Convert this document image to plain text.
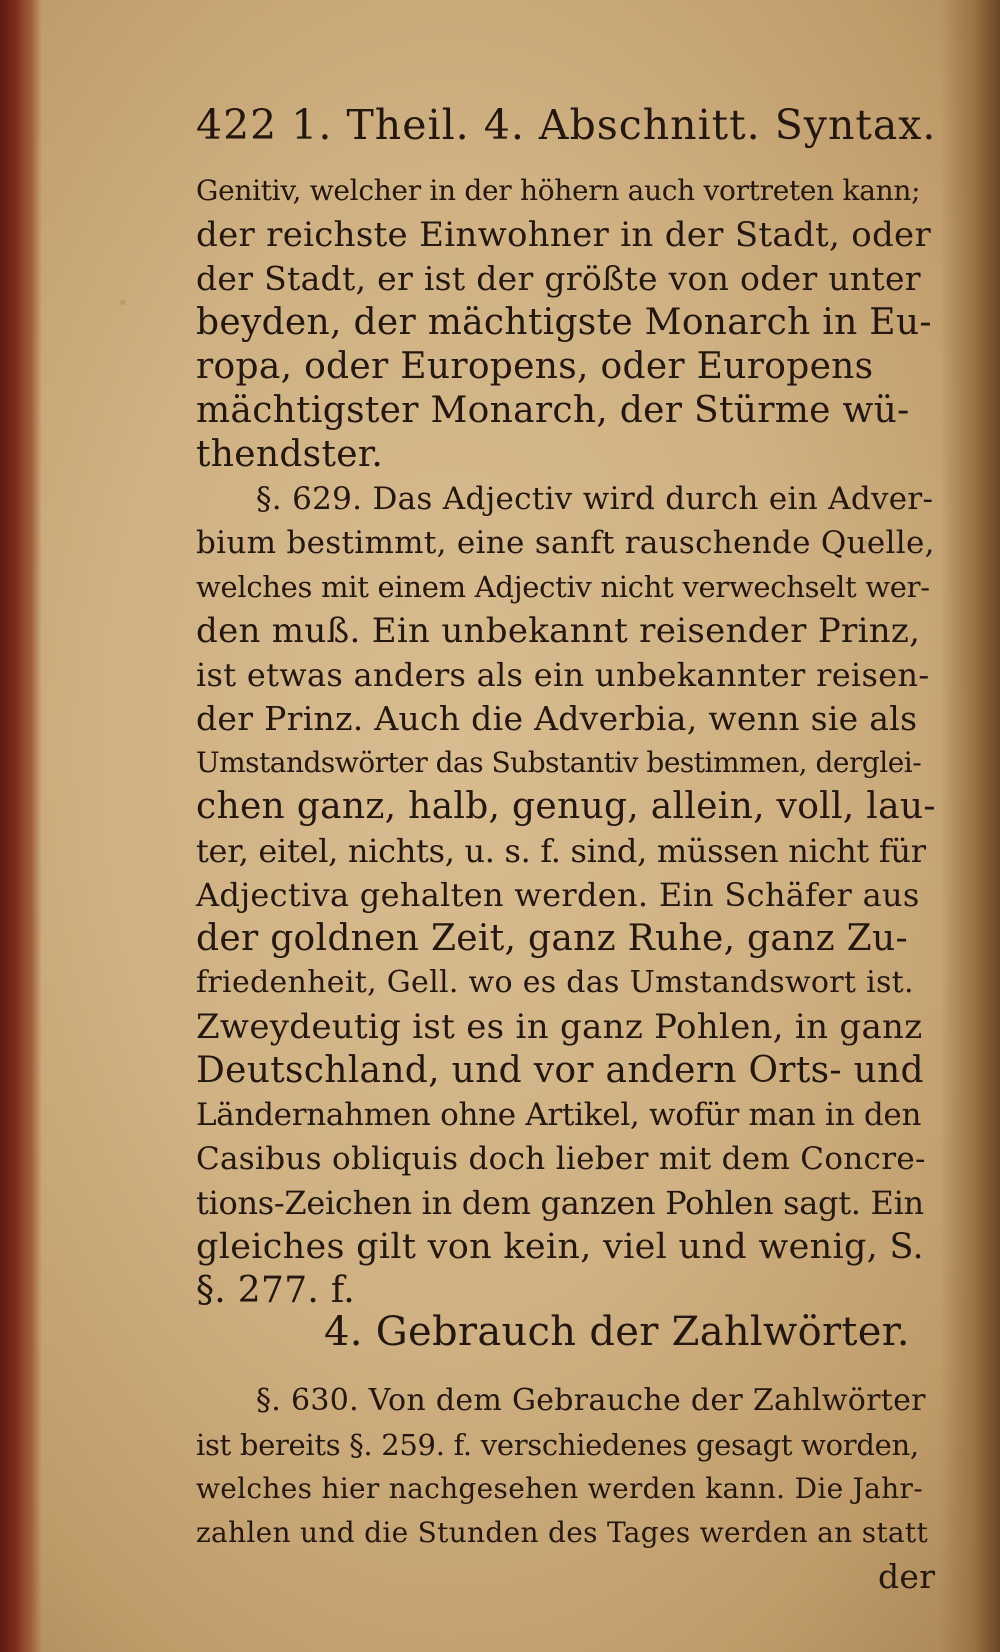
422 1. Theil. 4. Abschnitt. Syntax.
Genitiv, welcher in der höhern auch vortreten kann;
der reichste Einwohner in der Stadt, oder
der Stadt, er ist der größte von oder unter
beyden, der mächtigste Monarch in Eu-
ropa, oder Europens, oder Europens
mächtigster Monarch, der Stürme wü-
thendster.
§. 629. Das Adjectiv wird durch ein Adver-
bium bestimmt, eine sanft rauschende Quelle,
welches mit einem Adjectiv nicht verwechselt wer-
den muß. Ein unbekannt reisender Prinz,
ist etwas anders als ein unbekannter reisen-
der Prinz. Auch die Adverbia, wenn sie als
Umstandswörter das Substantiv bestimmen, derglei-
chen ganz, halb, genug, allein, voll, lau-
ter, eitel, nichts, u. s. f. sind, müssen nicht für
Adjectiva gehalten werden. Ein Schäfer aus
der goldnen Zeit, ganz Ruhe, ganz Zu-
friedenheit, Gell. wo es das Umstandswort ist.
Zweydeutig ist es in ganz Pohlen, in ganz
Deutschland, und vor andern Orts- und
Ländernahmen ohne Artikel, wofür man in den
Casibus obliquis doch lieber mit dem Concre-
tions-Zeichen in dem ganzen Pohlen sagt. Ein
gleiches gilt von kein, viel und wenig, S.
§. 277. f.
4. Gebrauch der Zahlwörter.
§. 630. Von dem Gebrauche der Zahlwörter
ist bereits §. 259. f. verschiedenes gesagt worden,
welches hier nachgesehen werden kann. Die Jahr-
zahlen und die Stunden des Tages werden an statt
der
